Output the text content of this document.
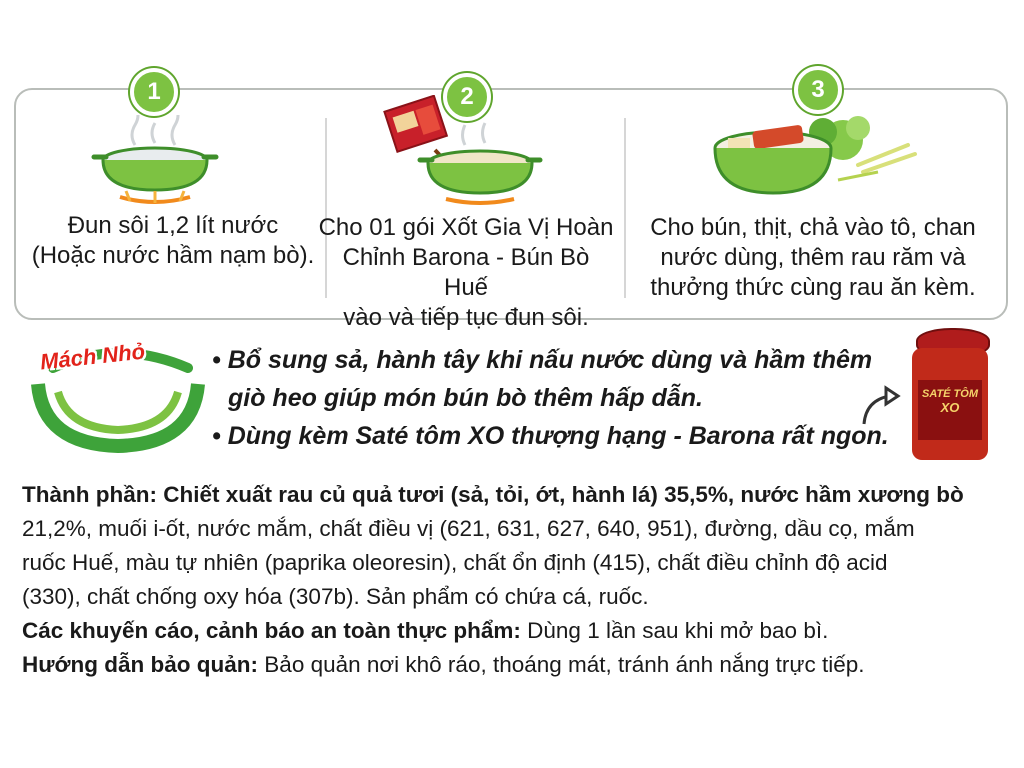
1	2	3
Đun sôi 1,2 lít nước
(Hoặc nước hầm nạm bò).
Cho 01 gói Xốt Gia Vị Hoàn
Chỉnh Barona - Bún Bò Huế
vào và tiếp tục đun sôi.
Cho bún, thịt, chả vào tô, chan
nước dùng, thêm rau răm và
thưởng thức cùng rau ăn kèm.
Mách Nhỏ	• Bổ sung sả, hành tây khi nấu nước dùng và hầm thêm
giò heo giúp món bún bò thêm hấp dẫn.
• Dùng kèm Saté tôm XO thượng hạng - Barona rất ngon.
SATÉ TÔM
XO

Thành phần: Chiết xuất rau củ quả tươi (sả, tỏi, ớt, hành lá) 35,5%, nước hầm xương bò

21,2%, muối i-ốt, nước mắm, chất điều vị (621, 631, 627, 640, 951), đường, dầu cọ, mắm

ruốc Huế, màu tự nhiên (paprika oleoresin), chất ổn định (415), chất điều chỉnh độ acid

(330), chất chống oxy hóa (307b). Sản phẩm có chứa cá, ruốc.

Các khuyến cáo, cảnh báo an toàn thực phẩm: Dùng 1 lần sau khi mở bao bì.

Hướng dẫn bảo quản: Bảo quản nơi khô ráo, thoáng mát, tránh ánh nắng trực tiếp.
